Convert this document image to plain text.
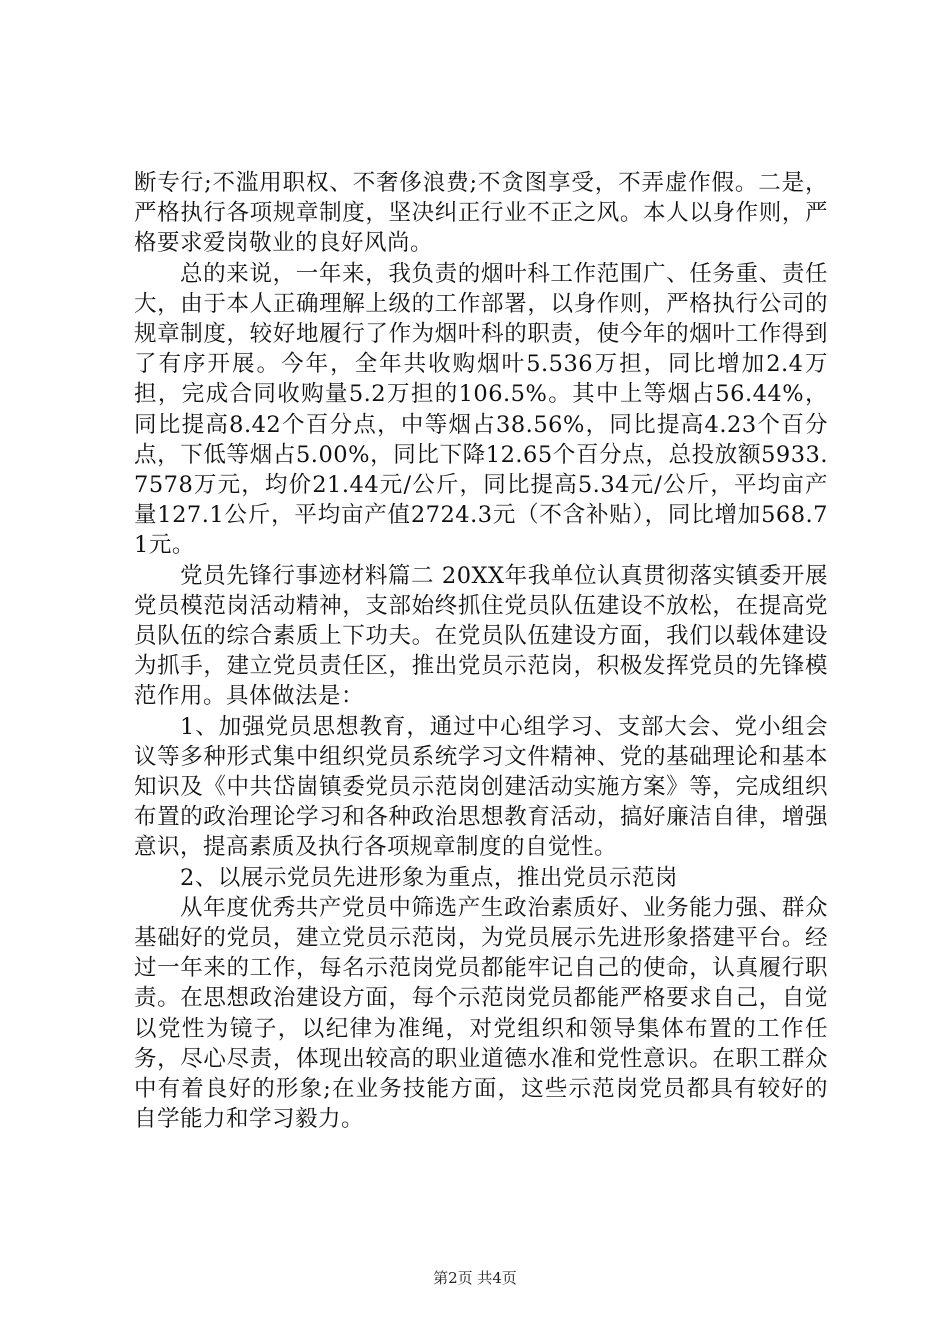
断专行;不滥用职权、不奢侈浪费;不贪图享受，不弄虚作假。二是，严格执行各项规章制度，坚决纠正行业不正之风。本人以身作则，严格要求爱岗敬业的良好风尚。

总的来说，一年来，我负责的烟叶科工作范围广、任务重、责任大，由于本人正确理解上级的工作部署，以身作则，严格执行公司的规章制度，较好地履行了作为烟叶科的职责，使今年的烟叶工作得到了有序开展。今年，全年共收购烟叶5.536万担，同比增加2.4万担，完成合同收购量5.2万担的106.5%。其中上等烟占56.44%，同比提高8.42个百分点，中等烟占38.56%，同比提高4.23个百分点，下低等烟占5.00%，同比下降12.65个百分点，总投放额5933.7578万元，均价21.44元/公斤，同比提高5.34元/公斤，平均亩产量127.1公斤，平均亩产值2724.3元（不含补贴），同比增加568.71元。

党员先锋行事迹材料篇二 20XX年我单位认真贯彻落实镇委开展党员模范岗活动精神，支部始终抓住党员队伍建设不放松，在提高党员队伍的综合素质上下功夫。在党员队伍建设方面，我们以载体建设为抓手，建立党员责任区，推出党员示范岗，积极发挥党员的先锋模范作用。具体做法是：

1、加强党员思想教育，通过中心组学习、支部大会、党小组会议等多种形式集中组织党员系统学习文件精神、党的基础理论和基本知识及《中共岱崮镇委党员示范岗创建活动实施方案》等，完成组织布置的政治理论学习和各种政治思想教育活动，搞好廉洁自律，增强意识，提高素质及执行各项规章制度的自觉性。

2、以展示党员先进形象为重点，推出党员示范岗

从年度优秀共产党员中筛选产生政治素质好、业务能力强、群众基础好的党员，建立党员示范岗，为党员展示先进形象搭建平台。经过一年来的工作，每名示范岗党员都能牢记自己的使命，认真履行职责。在思想政治建设方面，每个示范岗党员都能严格要求自己，自觉以党性为镜子，以纪律为准绳，对党组织和领导集体布置的工作任务，尽心尽责，体现出较高的职业道德水准和党性意识。在职工群众中有着良好的形象;在业务技能方面，这些示范岗党员都具有较好的自学能力和学习毅力。

第2页 共4页
